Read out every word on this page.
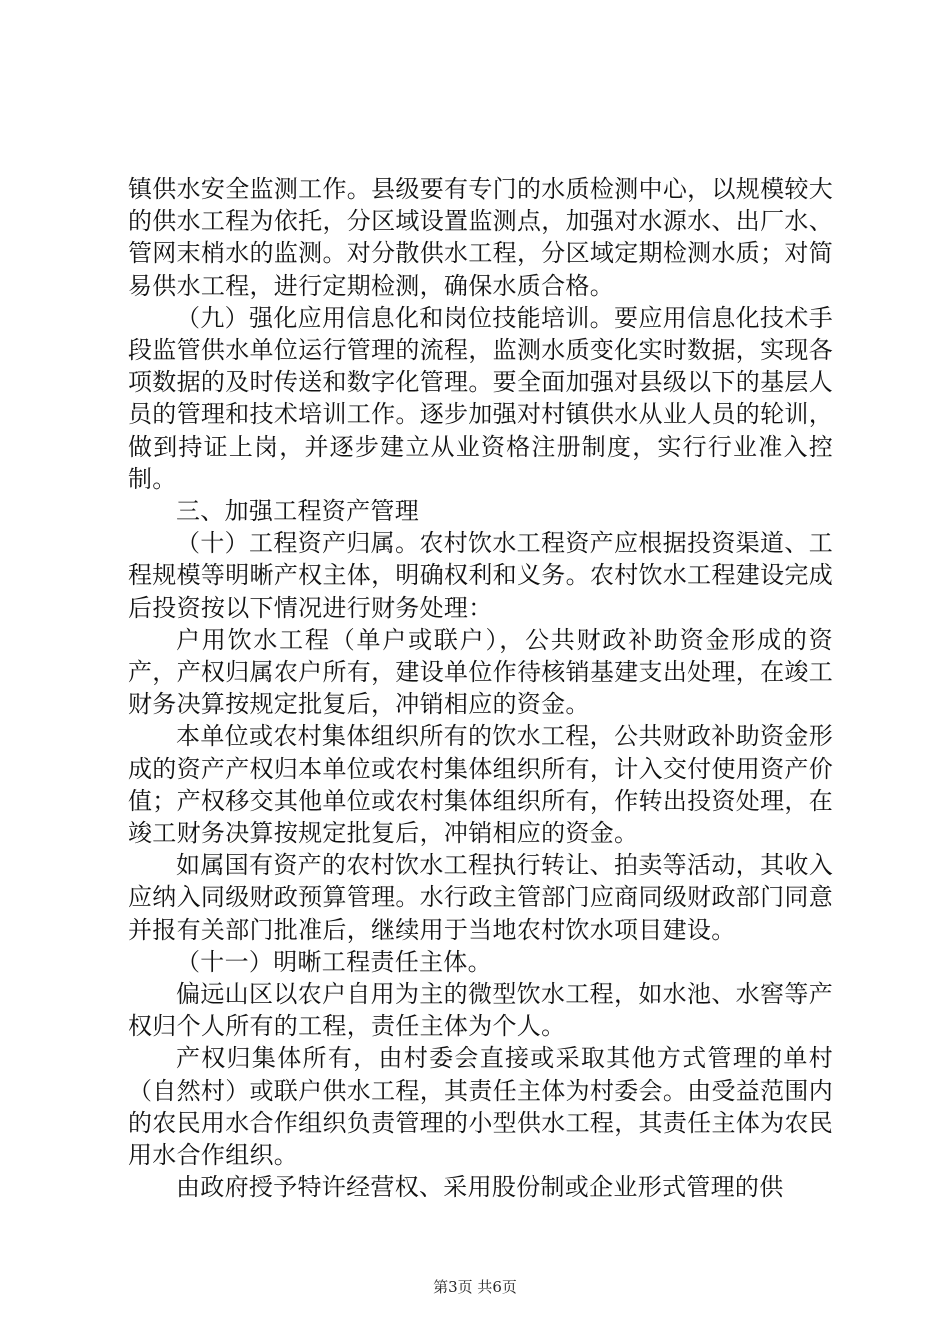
镇供水安全监测工作。县级要有专门的水质检测中心，以规模较大的供水工程为依托，分区域设置监测点，加强对水源水、出厂水、管网末梢水的监测。对分散供水工程，分区域定期检测水质；对简易供水工程，进行定期检测，确保水质合格。

（九）强化应用信息化和岗位技能培训。要应用信息化技术手段监管供水单位运行管理的流程，监测水质变化实时数据，实现各项数据的及时传送和数字化管理。要全面加强对县级以下的基层人员的管理和技术培训工作。逐步加强对村镇供水从业人员的轮训，做到持证上岗，并逐步建立从业资格注册制度，实行行业准入控制。

三、加强工程资产管理

（十）工程资产归属。农村饮水工程资产应根据投资渠道、工程规模等明晰产权主体，明确权利和义务。农村饮水工程建设完成后投资按以下情况进行财务处理：

户用饮水工程（单户或联户），公共财政补助资金形成的资产，产权归属农户所有，建设单位作待核销基建支出处理，在竣工财务决算按规定批复后，冲销相应的资金。

本单位或农村集体组织所有的饮水工程，公共财政补助资金形成的资产产权归本单位或农村集体组织所有，计入交付使用资产价值；产权移交其他单位或农村集体组织所有，作转出投资处理，在竣工财务决算按规定批复后，冲销相应的资金。

如属国有资产的农村饮水工程执行转让、拍卖等活动，其收入应纳入同级财政预算管理。水行政主管部门应商同级财政部门同意并报有关部门批准后，继续用于当地农村饮水项目建设。

（十一）明晰工程责任主体。

偏远山区以农户自用为主的微型饮水工程，如水池、水窖等产权归个人所有的工程，责任主体为个人。

产权归集体所有，由村委会直接或采取其他方式管理的单村（自然村）或联户供水工程，其责任主体为村委会。由受益范围内的农民用水合作组织负责管理的小型供水工程，其责任主体为农民用水合作组织。

由政府授予特许经营权、采用股份制或企业形式管理的供

第3页 共6页
